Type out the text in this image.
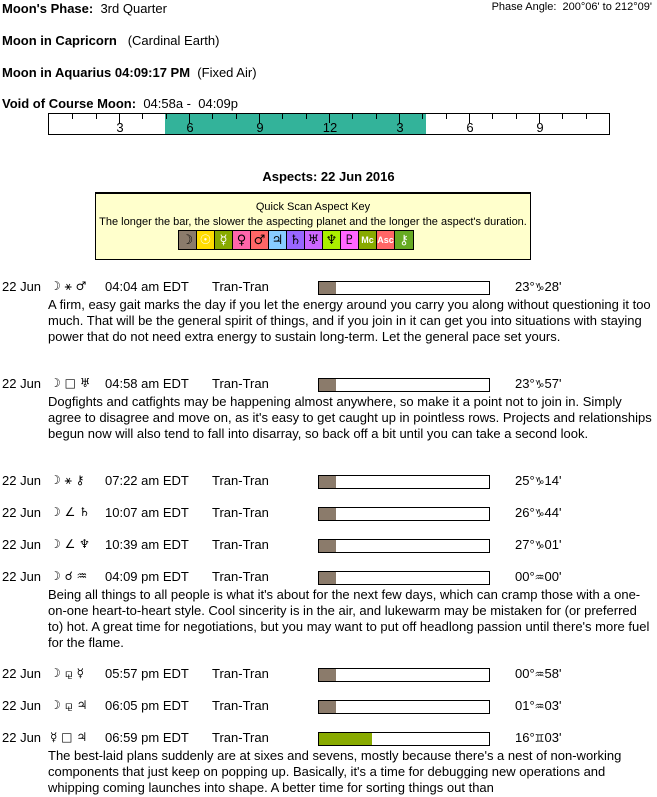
Moon's Phase: 3rd Quarter	Phase Angle:  200°06' to 212°09'
Moon in Capricorn (Cardinal Earth)
Moon in Aquarius 04:09:17 PM (Fixed Air)
Void of Course Moon: 04:58a -  04:09p
3	6	9	12	3	6	9
Aspects: 22 Jun 2016
Quick Scan Aspect Key
The longer the bar, the slower the aspecting planet and the longer the aspect's duration.
☽ ☉ ☿ ♀ ♂ ♃ ♄ ♅ ♆ ♇ Mc Asc ⚷
22 Jun ☽ ⚹ ♂ 04:04 am EDT Tran-Tran	23°♑28'
A firm, easy gait marks the day if you let the energy around you carry you along without questioning it too much. That will be the general spirit of things, and if you join in it can get you into situations with staying power that do not need extra energy to sustain long-term. Let the general pace set yours.
22 Jun ☽ □ ♅ 04:58 am EDT Tran-Tran	23°♑57'
Dogfights and catfights may be happening almost anywhere, so make it a point not to join in. Simply agree to disagree and move on, as it's easy to get caught up in pointless rows. Projects and relationships begun now will also tend to fall into disarray, so back off a bit until you can take a second look.
22 Jun ☽ ⚹ ⚷ 07:22 am EDT Tran-Tran	25°♑14'
22 Jun ☽ ∠ ♄ 10:07 am EDT Tran-Tran	26°♑44'
22 Jun ☽ ∠ ♆ 10:39 am EDT Tran-Tran	27°♑01'
22 Jun ☽ ☌ ♒ 04:09 pm EDT Tran-Tran	00°♒00'
Being all things to all people is what it's about for the next few days, which can cramp those with a one-on-one heart-to-heart style. Cool sincerity is in the air, and lukewarm may be mistaken for (or preferred to) hot. A great time for negotiations, but you may want to put off headlong passion until there's more fuel for the flame.
22 Jun ☽ ⚼ ☿ 05:57 pm EDT Tran-Tran	00°♒58'
22 Jun ☽ ⚼ ♃ 06:05 pm EDT Tran-Tran	01°♒03'
22 Jun ☿ □ ♃ 06:59 pm EDT Tran-Tran	16°♊03'
The best-laid plans suddenly are at sixes and sevens, mostly because there's a nest of non-working components that just keep on popping up. Basically, it's a time for debugging new operations and whipping coming launches into shape. A better time for sorting things out than
